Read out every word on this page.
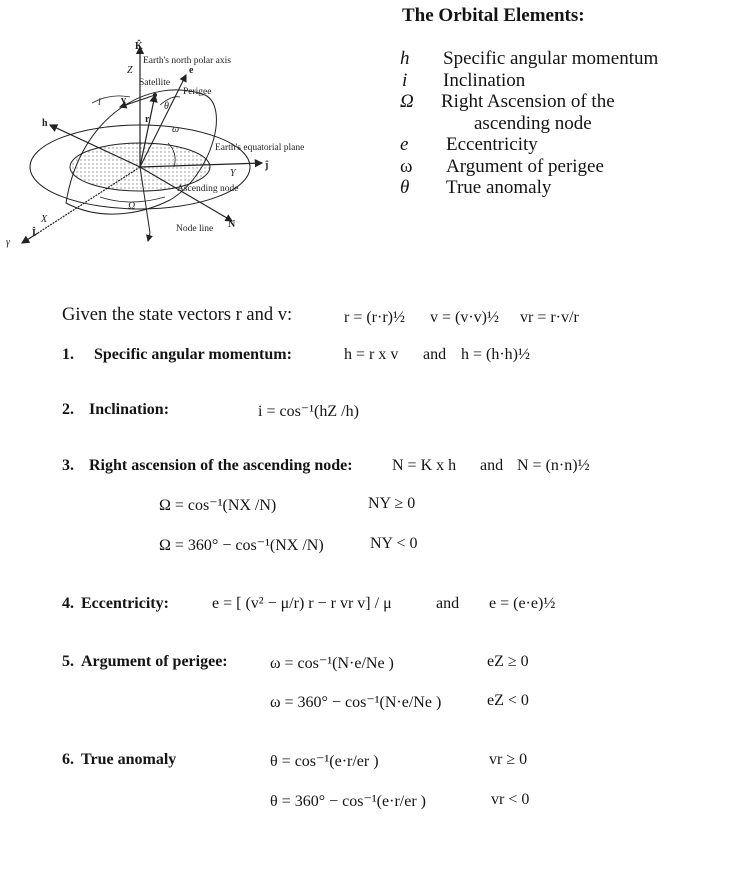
K̂
Earth's north polar axis
Z	e
Satellite
Perigee
v
θ
r
ω
h
i
Earth's equatorial plane
ĵ
Y
Ascending node
Ω
X
Î
γ
Node line N
The Orbital Elements:
h Specific angular momentum
i Inclination
Ω Right Ascension of the
ascending node
e Eccentricity
ω Argument of perigee
θ True anomaly
Given the state vectors r and v:	r = (r·r)½ v = (v·v)½ vr = r·v/r
1. Specific angular momentum:	h = r x v and h = (h·h)½
2. Inclination:	i = cos⁻¹(hZ /h)
3. Right ascension of the ascending node: N = K x h and N = (n·n)½
Ω = cos⁻¹(NX /N)	NY ≥ 0
Ω = 360° − cos⁻¹(NX /N)	NY < 0
4. Eccentricity:	e = [ (v² − μ/r) r − r vr v] / μ	and e = (e·e)½
5. Argument of perigee:	ω = cos⁻¹(N·e/Ne )	eZ ≥ 0
ω = 360° − cos⁻¹(N·e/Ne )	eZ < 0
6. True anomaly	θ = cos⁻¹(e·r/er )	vr ≥ 0
θ = 360° − cos⁻¹(e·r/er )	vr < 0
